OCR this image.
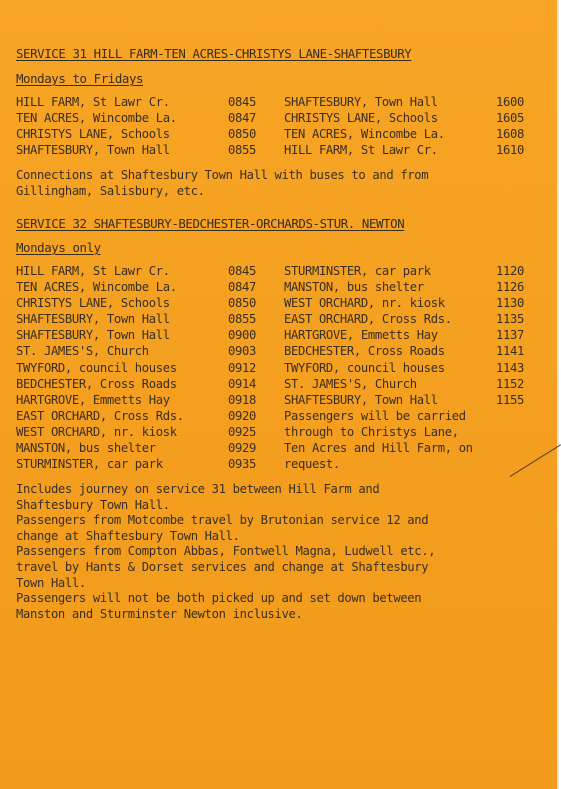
SERVICE 31 HILL FARM-TEN ACRES-CHRISTYS LANE-SHAFTESBURY
Mondays to Fridays
HILL FARM, St Lawr Cr.	0845 SHAFTESBURY, Town Hall	1600
TEN ACRES, Wincombe La.	0847 CHRISTYS LANE, Schools	1605
CHRISTYS LANE, Schools	0850 TEN ACRES, Wincombe La.	1608
SHAFTESBURY, Town Hall	0855 HILL FARM, St Lawr Cr.	1610
Connections at Shaftesbury Town Hall with buses to and from
Gillingham, Salisbury, etc.
SERVICE 32 SHAFTESBURY-BEDCHESTER-ORCHARDS-STUR. NEWTON
Mondays only
HILL FARM, St Lawr Cr.	0845 STURMINSTER, car park	1120
TEN ACRES, Wincombe La.	0847 MANSTON, bus shelter	1126
CHRISTYS LANE, Schools	0850 WEST ORCHARD, nr. kiosk	1130
SHAFTESBURY, Town Hall	0855 EAST ORCHARD, Cross Rds.	1135
SHAFTESBURY, Town Hall	0900 HARTGROVE, Emmetts Hay	1137
ST. JAMES'S, Church	0903 BEDCHESTER, Cross Roads	1141
TWYFORD, council houses	0912 TWYFORD, council houses	1143
BEDCHESTER, Cross Roads	0914 ST. JAMES'S, Church	1152
HARTGROVE, Emmetts Hay	0918 SHAFTESBURY, Town Hall	1155
EAST ORCHARD, Cross Rds.	0920 Passengers will be carried
WEST ORCHARD, nr. kiosk	0925 through to Christys Lane,
MANSTON, bus shelter	0929 Ten Acres and Hill Farm, on
STURMINSTER, car park	0935 request.
Includes journey on service 31 between Hill Farm and
Shaftesbury Town Hall.
Passengers from Motcombe travel by Brutonian service 12 and
change at Shaftesbury Town Hall.
Passengers from Compton Abbas, Fontwell Magna, Ludwell etc.,
travel by Hants & Dorset services and change at Shaftesbury
Town Hall.
Passengers will not be both picked up and set down between
Manston and Sturminster Newton inclusive.
